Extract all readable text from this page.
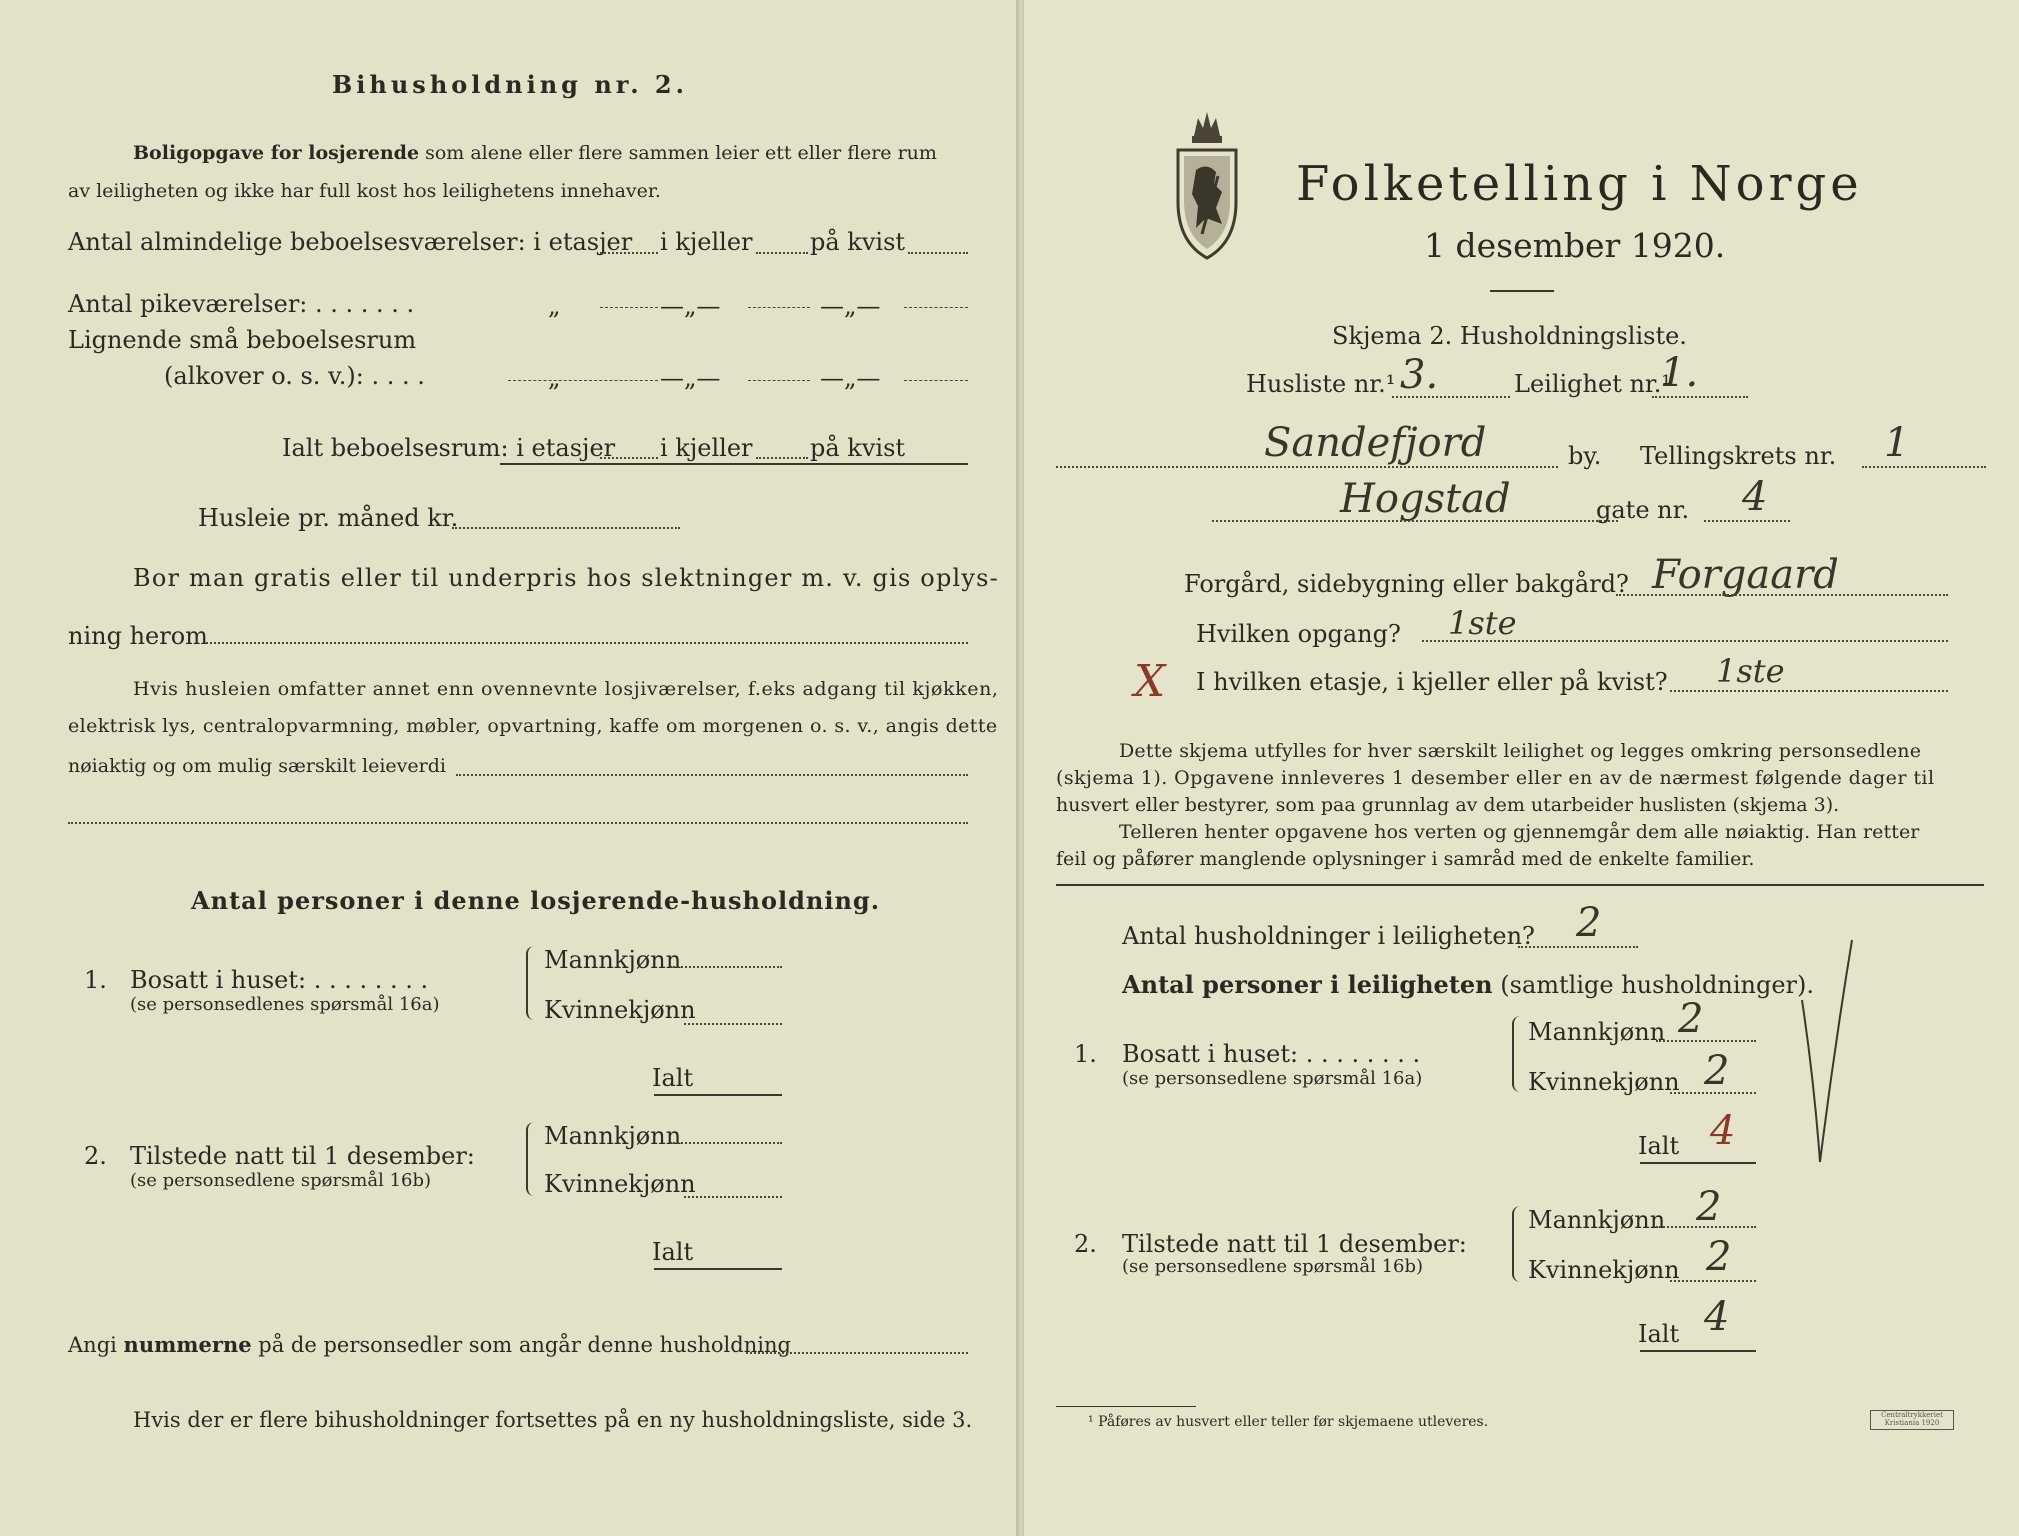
Bihusholdning nr. 2.
Boligopgave for losjerende som alene eller flere sammen leier ett eller flere rum
av leiligheten og ikke har full kost hos leilighetens innehaver.
Antal almindelige beboelsesværelser: i etasjer i kjeller på kvist
Antal pikeværelser: . . . . . . .	„	—„—	—„—
Lignende små beboelsesrum
(alkover o. s. v.): . . . .	„	—„—	—„—
Ialt beboelsesrum: i etasjer i kjeller på kvist
Husleie pr. måned kr.
Bor man gratis eller til underpris hos slektninger m. v. gis oplys-
ning herom
Hvis husleien omfatter annet enn ovennevnte losjiværelser, f.eks adgang til kjøkken,
elektrisk lys, centralopvarmning, møbler, opvartning, kaffe om morgenen o. s. v., angis dette
nøiaktig og om mulig særskilt leieverdi
Antal personer i denne losjerende-husholdning.
1. Bosatt i huset: . . . . . . . .
(se personsedlenes spørsmål 16a)
Mannkjønn
Kvinnekjønn
Ialt
2. Tilstede natt til 1 desember:
(se personsedlene spørsmål 16b)
Mannkjønn
Kvinnekjønn
Ialt
Angi nummerne på de personsedler som angår denne husholdning
Hvis der er flere bihusholdninger fortsettes på en ny husholdningsliste, side 3.
Folketelling i Norge
1 desember 1920.
Skjema 2. Husholdningsliste.
Husliste nr.¹ 3.	Leilighet nr.¹
1.
Sandefjord	by. Tellingskrets nr. 1
Hogstad	gate nr. 4
Forgård, sidebygning eller bakgård? Forgaard
Hvilken opgang? 1ste
X I hvilken etasje, i kjeller eller på kvist? 1ste
Dette skjema utfylles for hver særskilt leilighet og legges omkring personsedlene
(skjema 1). Opgavene innleveres 1 desember eller en av de nærmest følgende dager til
husvert eller bestyrer, som paa grunnlag av dem utarbeider huslisten (skjema 3).
Telleren henter opgavene hos verten og gjennemgår dem alle nøiaktig. Han retter
feil og påfører manglende oplysninger i samråd med de enkelte familier.
Antal husholdninger i leiligheten? 2
Antal personer i leiligheten (samtlige husholdninger).
1. Bosatt i huset: . . . . . . . .
(se personsedlene spørsmål 16a)
Mannkjønn 2
Kvinnekjønn 2
Ialt 4
2. Tilstede natt til 1 desember:
(se personsedlene spørsmål 16b)
Mannkjønn 2
Kvinnekjønn 2
Ialt 4
¹ Påføres av husvert eller teller før skjemaene utleveres.	Centraltrykkeriet
Kristiania 1920
